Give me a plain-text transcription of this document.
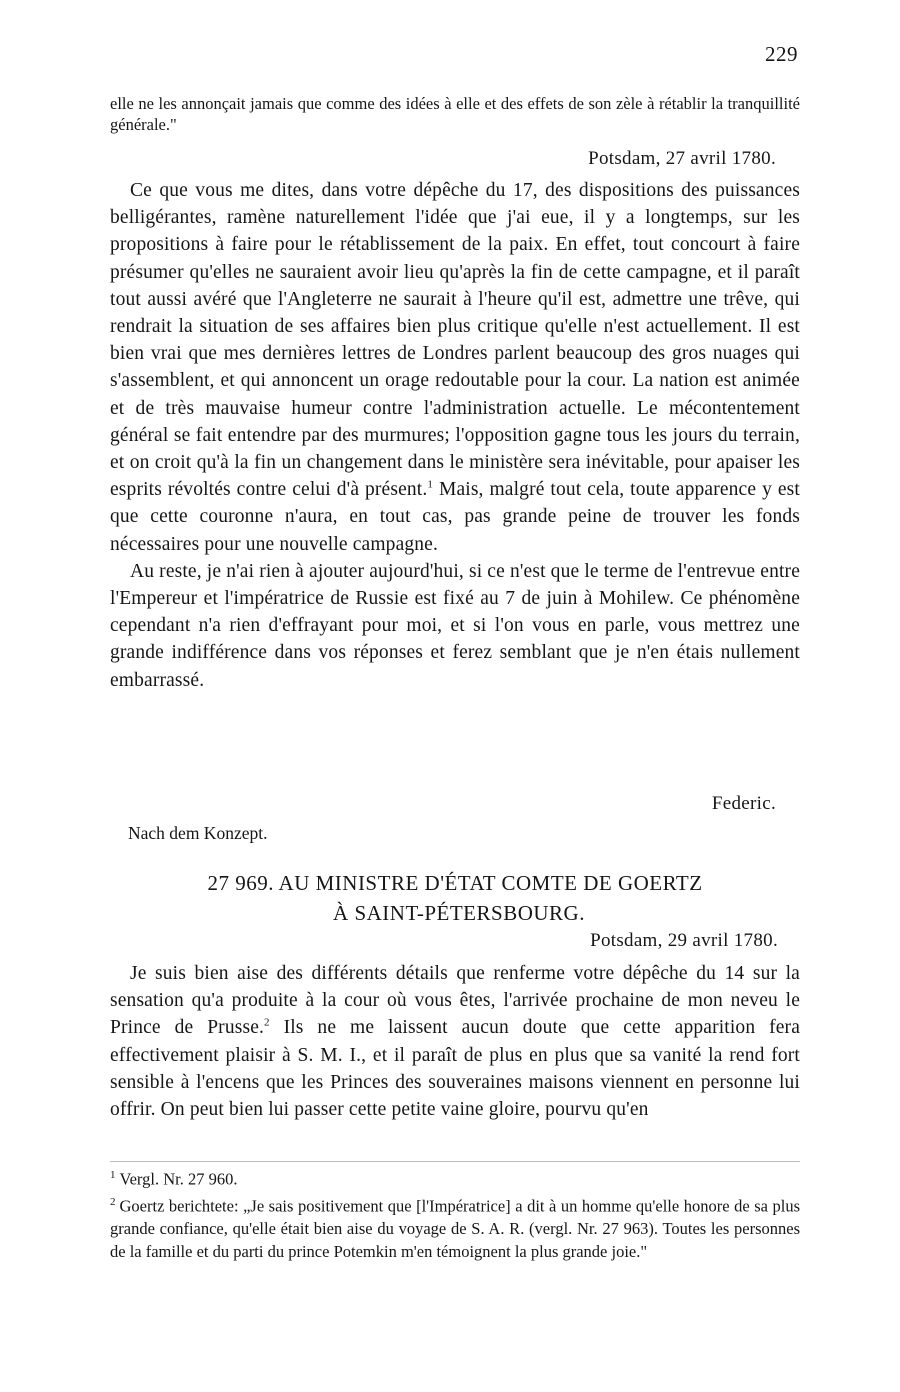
229
elle ne les annonçait jamais que comme des idées à elle et des effets de son zèle à rétablir la tranquillité générale."
Potsdam, 27 avril 1780.

Ce que vous me dites, dans votre dépêche du 17, des dispositions des puissances belligérantes, ramène naturellement l'idée que j'ai eue, il y a longtemps, sur les propositions à faire pour le rétablissement de la paix. En effet, tout concourt à faire présumer qu'elles ne sauraient avoir lieu qu'après la fin de cette campagne, et il paraît tout aussi avéré que l'Angleterre ne saurait à l'heure qu'il est, admettre une trêve, qui rendrait la situation de ses affaires bien plus critique qu'elle n'est actuellement. Il est bien vrai que mes dernières lettres de Londres parlent beaucoup des gros nuages qui s'assemblent, et qui annoncent un orage redoutable pour la cour. La nation est animée et de très mauvaise humeur contre l'administration actuelle. Le mécontentement général se fait entendre par des murmures; l'opposition gagne tous les jours du terrain, et on croit qu'à la fin un changement dans le ministère sera inévitable, pour apaiser les esprits révoltés contre celui d'à présent.$^1$ Mais, malgré tout cela, toute apparence y est que cette couronne n'aura, en tout cas, pas grande peine de trouver les fonds nécessaires pour une nouvelle campagne.

Au reste, je n'ai rien à ajouter aujourd'hui, si ce n'est que le terme de l'entrevue entre l'Empereur et l'impératrice de Russie est fixé au 7 de juin à Mohilew. Ce phénomène cependant n'a rien d'effrayant pour moi, et si l'on vous en parle, vous mettrez une grande indifférence dans vos réponses et ferez semblant que je n'en étais nullement embarrassé.

Federic.
Nach dem Konzept.
27 969. AU MINISTRE D'ÉTAT COMTE DE GOERTZ
À SAINT-PÉTERSBOURG.
Potsdam, 29 avril 1780.

Je suis bien aise des différents détails que renferme votre dépêche du 14 sur la sensation qu'a produite à la cour où vous êtes, l'arrivée prochaine de mon neveu le Prince de Prusse.$^2$ Ils ne me laissent aucun doute que cette apparition fera effectivement plaisir à S. M. I., et il paraît de plus en plus que sa vanité la rend fort sensible à l'encens que les Princes des souveraines maisons viennent en personne lui offrir. On peut bien lui passer cette petite vaine gloire, pourvu qu'en

$^1$ Vergl. Nr. 27 960.

$^2$ Goertz berichtete: „Je sais positivement que [l'Impératrice] a dit à un homme qu'elle honore de sa plus grande confiance, qu'elle était bien aise du voyage de S. A. R. (vergl. Nr. 27 963). Toutes les personnes de la famille et du parti du prince Potemkin m'en témoignent la plus grande joie."
